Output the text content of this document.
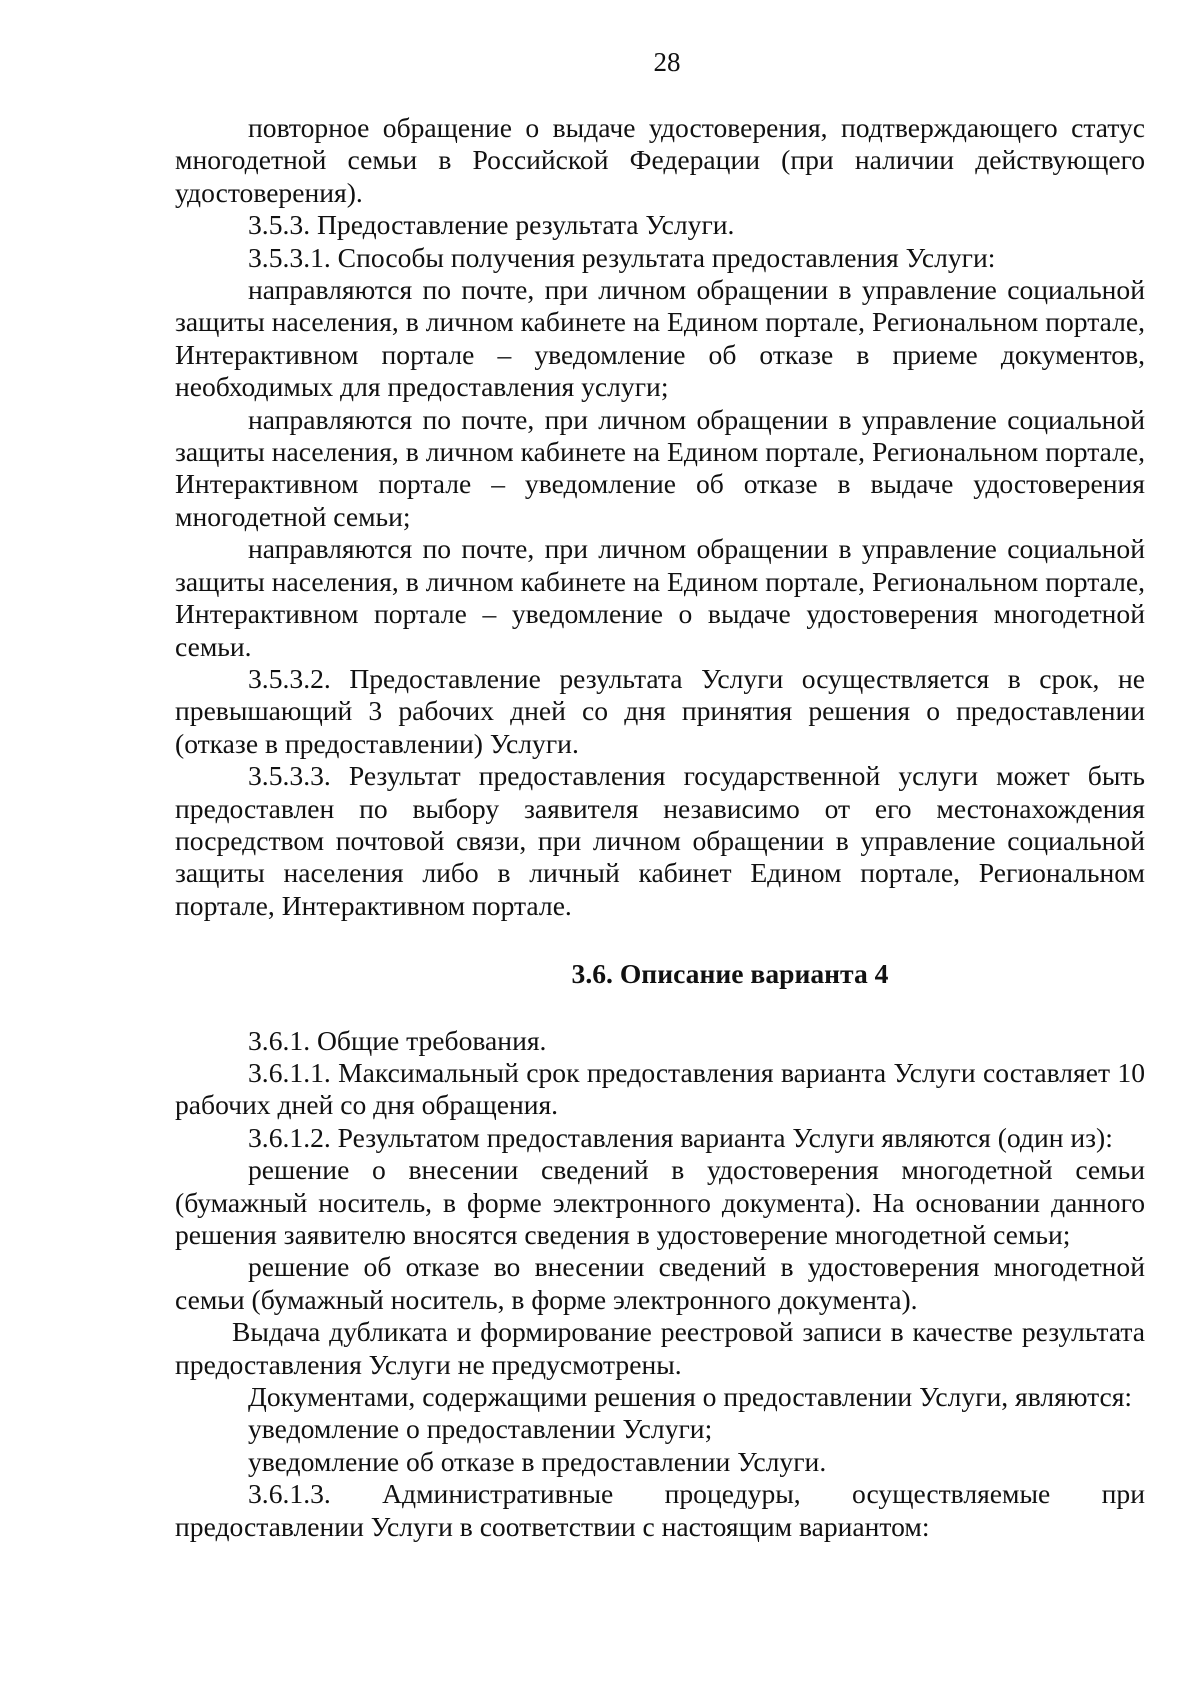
28

повторное обращение о выдаче удостоверения, подтверждающего статус многодетной семьи в Российской Федерации (при наличии действующего удостоверения).

3.5.3. Предоставление результата Услуги.

3.5.3.1. Способы получения результата предоставления Услуги:

направляются по почте, при личном обращении в управление социальной защиты населения, в личном кабинете на Едином портале, Региональном портале, Интерактивном портале – уведомление об отказе в приеме документов, необходимых для предоставления услуги;

направляются по почте, при личном обращении в управление социальной защиты населения, в личном кабинете на Едином портале, Региональном портале, Интерактивном портале – уведомление об отказе в выдаче удостоверения многодетной семьи;

направляются по почте, при личном обращении в управление социальной защиты населения, в личном кабинете на Едином портале, Региональном портале, Интерактивном портале – уведомление о выдаче удостоверения многодетной семьи.

3.5.3.2. Предоставление результата Услуги осуществляется в срок, не превышающий 3 рабочих дней со дня принятия решения о предоставлении (отказе в предоставлении) Услуги.

3.5.3.3. Результат предоставления государственной услуги может быть предоставлен по выбору заявителя независимо от его местонахождения посредством почтовой связи, при личном обращении в управление социальной защиты населения либо в личный кабинет Едином портале, Региональном портале, Интерактивном портале.

3.6. Описание варианта 4

3.6.1. Общие требования.

3.6.1.1. Максимальный срок предоставления варианта Услуги составляет 10 рабочих дней со дня обращения.

3.6.1.2. Результатом предоставления варианта Услуги являются (один из):

решение о внесении сведений в удостоверения многодетной семьи (бумажный носитель, в форме электронного документа). На основании данного решения заявителю вносятся сведения в удостоверение многодетной семьи;

решение об отказе во внесении сведений в удостоверения многодетной семьи (бумажный носитель, в форме электронного документа).

Выдача дубликата и формирование реестровой записи в качестве результата предоставления Услуги не предусмотрены.

Документами, содержащими решения о предоставлении Услуги, являются:

уведомление о предоставлении Услуги;

уведомление об отказе в предоставлении Услуги.

3.6.1.3. Административные процедуры, осуществляемые при предоставлении Услуги в соответствии с настоящим вариантом:
